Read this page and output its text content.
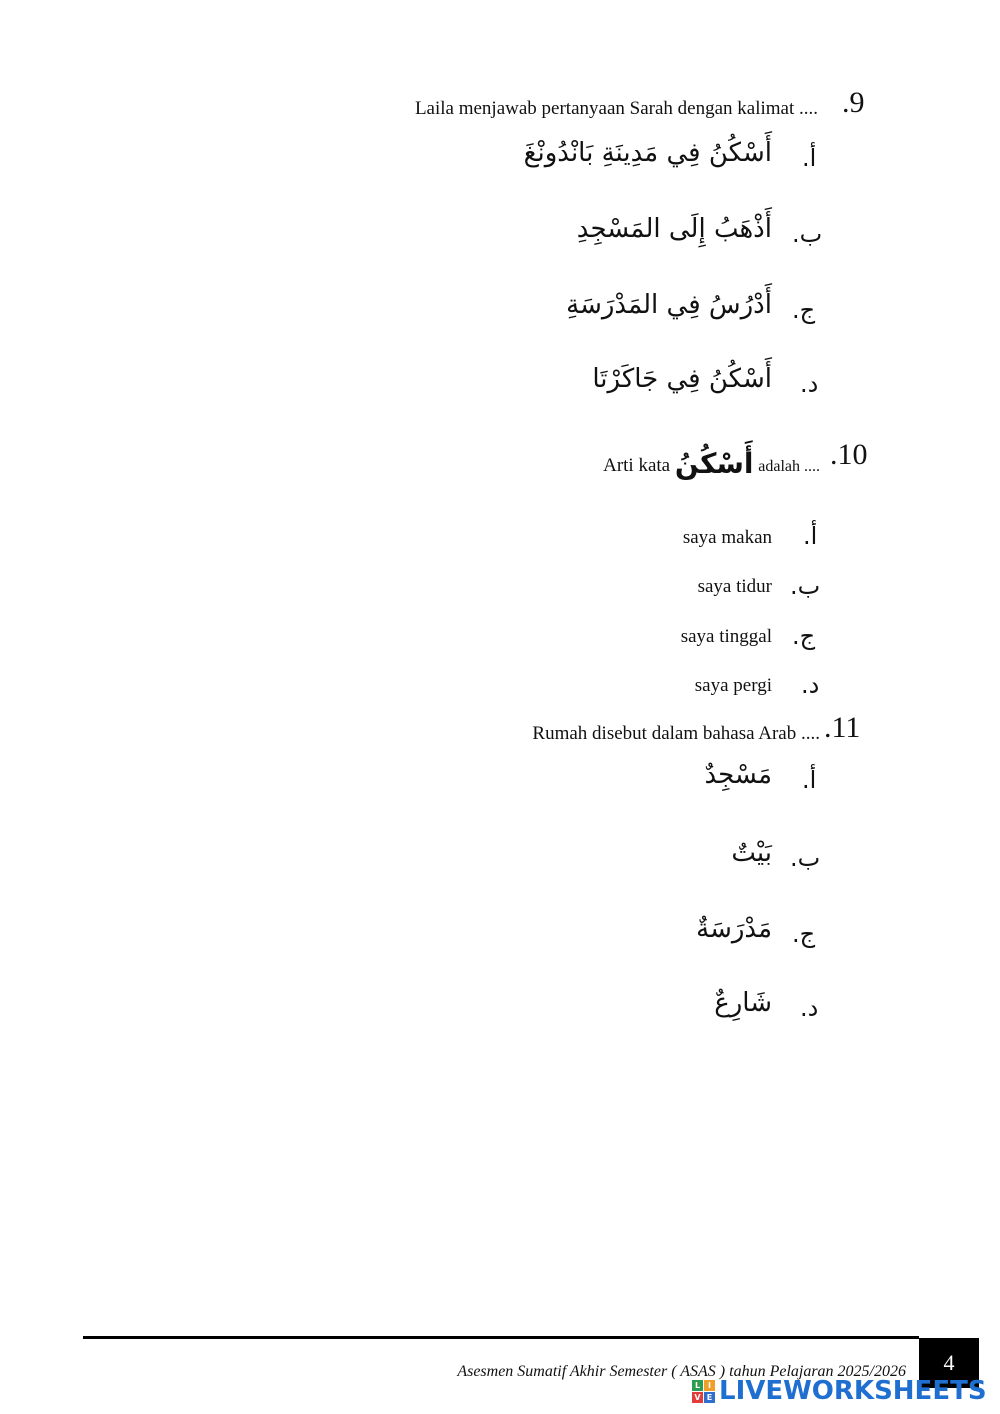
Laila menjawab pertanyaan Sarah dengan kalimat .... .9
.أ
أَسْكُنُ فِي مَدِينَةِ بَانْدُونْغَ
.ب
أَذْهَبُ إِلَى المَسْجِدِ
.ج
أَدْرُسُ فِي المَدْرَسَةِ
.د
أَسْكُنُ فِي جَاكَرْتَا
Arti kata أَسْكُنُ adalah .... .10
.أ
saya makan
.ب
saya tidur
.ج
saya tinggal
.د
saya pergi
Rumah disebut dalam bahasa Arab .... .11
.أ
مَسْجِدٌ
.ب
بَيْتٌ
.ج
مَدْرَسَةٌ
.د
شَارِعٌ
Asesmen Sumatif Akhir Semester ( ASAS ) tahun Pelajaran 2025/2026	4
L I
V E LIVEWORKSHEETS
